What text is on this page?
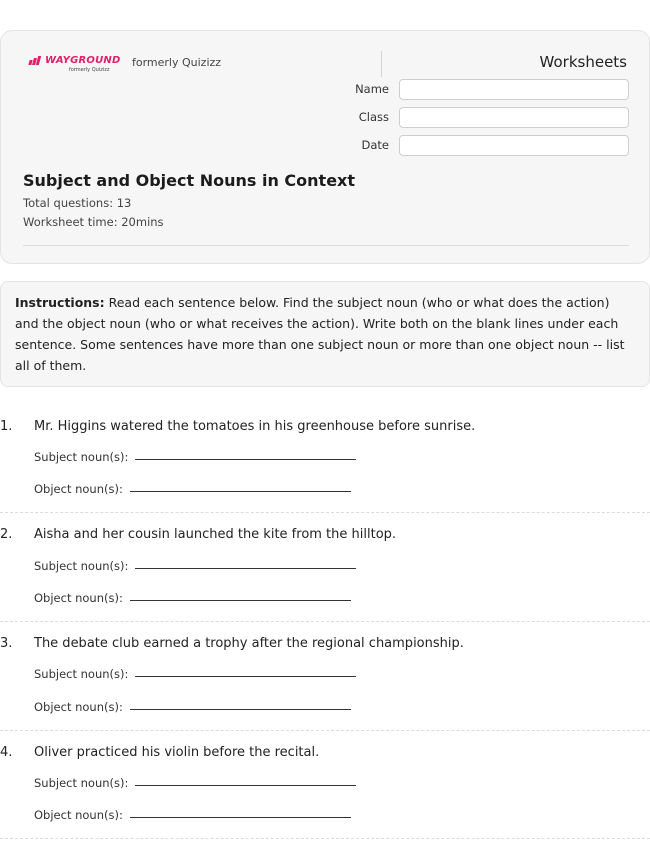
WAYGROUND
formerly Quizizz
formerly Quizizz	Worksheets
Name
Class
Date
Subject and Object Nouns in Context
Total questions: 13
Worksheet time: 20mins
Instructions: Read each sentence below. Find the subject noun (who or what does the action) and the object noun (who or what receives the action). Write both on the blank lines under each sentence. Some sentences have more than one subject noun or more than one object noun -- list all of them.
1. Mr. Higgins watered the tomatoes in his greenhouse before sunrise.
Subject noun(s):
Object noun(s):
2. Aisha and her cousin launched the kite from the hilltop.
Subject noun(s):
Object noun(s):
3. The debate club earned a trophy after the regional championship.
Subject noun(s):
Object noun(s):
4. Oliver practiced his violin before the recital.
Subject noun(s):
Object noun(s):
